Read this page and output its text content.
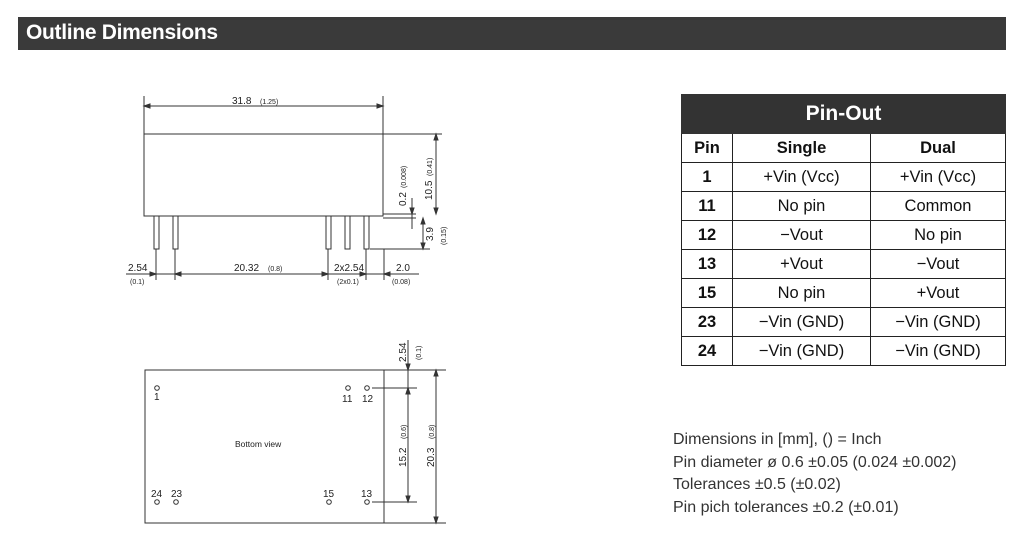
Outline Dimensions
31.8 (1.25)
2.54
(0.1)
20.32 (0.8)	2x2.54
(2x0.1)
2.0
(0.08)
0.2
(0.008)
10.5
(0.41)
3.9 (0.15)
1	11 12
24 23	15	13
Bottom view
2.54 (0.1)
15.2
(0.6)
20.3
(0.8)
Pin-Out		
Pin	Single	Dual
1	+Vin (Vcc)	+Vin (Vcc)
11	No pin	Common
12	−Vout	No pin
13	+Vout	−Vout
15	No pin	+Vout
23	−Vin (GND)	−Vin (GND)
24	−Vin (GND)	−Vin (GND)
Dimensions in [mm], () = Inch
Pin diameter ø 0.6 ±0.05 (0.024 ±0.002)
Tolerances ±0.5 (±0.02)
Pin pich tolerances ±0.2 (±0.01)
